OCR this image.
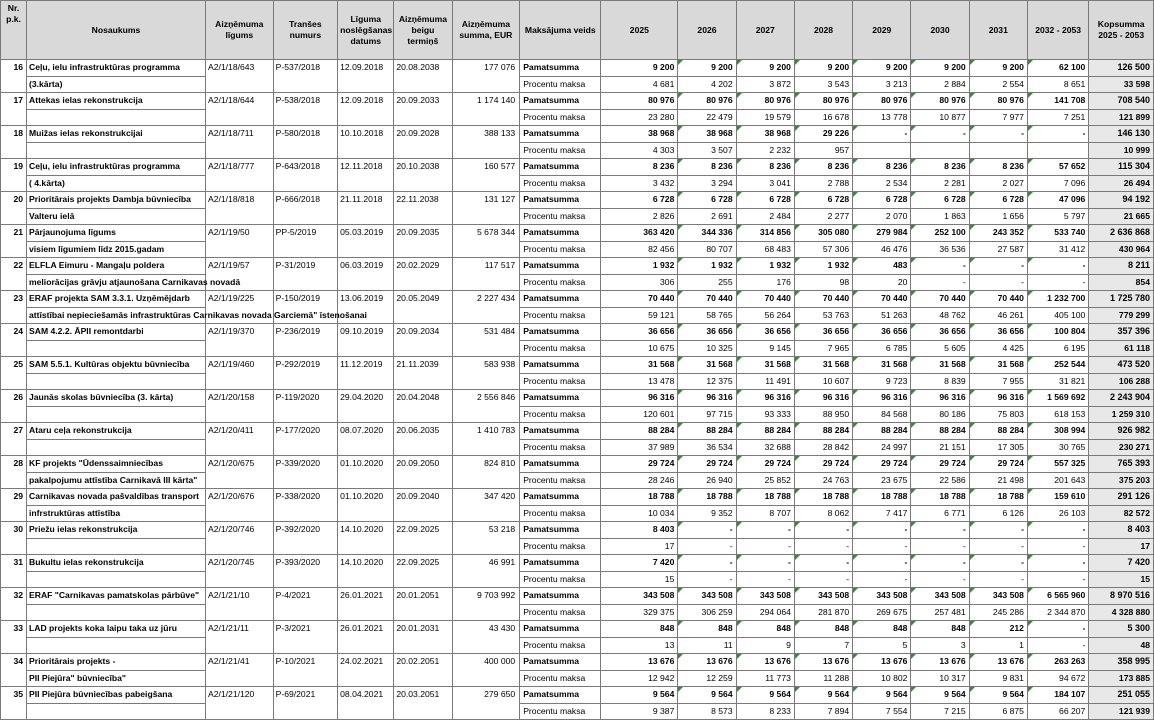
Nr. p.k.	Nosaukums	Aizņēmuma līgums	Tranšes numurs	Līguma noslēgšanas datums	Aizņēmuma beigu termiņš	Aizņēmuma summa, EUR	Maksājuma veids	2025	2026	2027	2028	2029	2030	2031	2032 - 2053	Kopsumma 2025 - 2053
16	Ceļu, ielu infrastruktūras programma	A2/1/18/643	P-537/2018	12.09.2018	20.08.2038	177 076	Pamatsumma	9 200	9 200	9 200	9 200	9 200	9 200	9 200	62 100	126 500
	(3.kārta)						Procentu maksa	4 681	4 202	3 872	3 543	3 213	2 884	2 554	8 651	33 598
17	Attekas ielas rekonstrukcija	A2/1/18/644	P-538/2018	12.09.2018	20.09.2033	1 174 140	Pamatsumma	80 976	80 976	80 976	80 976	80 976	80 976	80 976	141 708	708 540
							Procentu maksa	23 280	22 479	19 579	16 678	13 778	10 877	7 977	7 251	121 899
18	Muižas ielas rekonstrukcijai	A2/1/18/711	P-580/2018	10.10.2018	20.09.2028	388 133	Pamatsumma	38 968	38 968	38 968	29 226	-	-	-	-	146 130
							Procentu maksa	4 303	3 507	2 232	957					10 999
19	Ceļu, ielu infrastruktūras programma	A2/1/18/777	P-643/2018	12.11.2018	20.10.2038	160 577	Pamatsumma	8 236	8 236	8 236	8 236	8 236	8 236	8 236	57 652	115 304
	( 4.kārta)						Procentu maksa	3 432	3 294	3 041	2 788	2 534	2 281	2 027	7 096	26 494
20	Prioritārais projekts Dambja būvniecība	A2/1/18/818	P-666/2018	21.11.2018	22.11.2038	131 127	Pamatsumma	6 728	6 728	6 728	6 728	6 728	6 728	6 728	47 096	94 192
	Valteru ielā						Procentu maksa	2 826	2 691	2 484	2 277	2 070	1 863	1 656	5 797	21 665
21	Pārjaunojuma līgums	A2/1/19/50	PP-5/2019	05.03.2019	20.09.2035	5 678 344	Pamatsumma	363 420	344 336	314 856	305 080	279 984	252 100	243 352	533 740	2 636 868
	visiem līgumiem līdz 2015.gadam						Procentu maksa	82 456	80 707	68 483	57 306	46 476	36 536	27 587	31 412	430 964
22	ELFLA Eimuru - Mangaļu poldera	A2/1/19/57	P-31/2019	06.03.2019	20.02.2029	117 517	Pamatsumma	1 932	1 932	1 932	1 932	483	-	-	-	8 211
	meliorācijas grāvju atjaunošana Carnikavas novadā						Procentu maksa	306	255	176	98	20	-	-	-	854
23	ERAF projekta SAM 3.3.1. Uzņēmējdarb	A2/1/19/225	P-150/2019	13.06.2019	20.05.2049	2 227 434	Pamatsumma	70 440	70 440	70 440	70 440	70 440	70 440	70 440	1 232 700	1 725 780
	attīstībai nepieciešamās infrastruktūras Carnikavas novada Garciemā" īstenošanai						Procentu maksa	59 121	58 765	56 264	53 763	51 263	48 762	46 261	405 100	779 299
24	SAM 4.2.2. ĀPII remontdarbi	A2/1/19/370	P-236/2019	09.10.2019	20.09.2034	531 484	Pamatsumma	36 656	36 656	36 656	36 656	36 656	36 656	36 656	100 804	357 396
							Procentu maksa	10 675	10 325	9 145	7 965	6 785	5 605	4 425	6 195	61 118
25	SAM 5.5.1. Kultūras objektu būvniecība	A2/1/19/460	P-292/2019	11.12.2019	21.11.2039	583 938	Pamatsumma	31 568	31 568	31 568	31 568	31 568	31 568	31 568	252 544	473 520
							Procentu maksa	13 478	12 375	11 491	10 607	9 723	8 839	7 955	31 821	106 288
26	Jaunās skolas būvniecība (3. kārta)	A2/1/20/158	P-119/2020	29.04.2020	20.04.2048	2 556 846	Pamatsumma	96 316	96 316	96 316	96 316	96 316	96 316	96 316	1 569 692	2 243 904
							Procentu maksa	120 601	97 715	93 333	88 950	84 568	80 186	75 803	618 153	1 259 310
27	Ataru ceļa rekonstrukcija	A2/1/20/411	P-177/2020	08.07.2020	20.06.2035	1 410 783	Pamatsumma	88 284	88 284	88 284	88 284	88 284	88 284	88 284	308 994	926 982
							Procentu maksa	37 989	36 534	32 688	28 842	24 997	21 151	17 305	30 765	230 271
28	KF projekts "Ūdenssaimniecības	A2/1/20/675	P-339/2020	01.10.2020	20.09.2050	824 810	Pamatsumma	29 724	29 724	29 724	29 724	29 724	29 724	29 724	557 325	765 393
	pakalpojumu attīstība Carnikavā III kārta"						Procentu maksa	28 246	26 940	25 852	24 763	23 675	22 586	21 498	201 643	375 203
29	Carnikavas novada pašvaldības transport	A2/1/20/676	P-338/2020	01.10.2020	20.09.2040	347 420	Pamatsumma	18 788	18 788	18 788	18 788	18 788	18 788	18 788	159 610	291 126
	infrstruktūras attīstība						Procentu maksa	10 034	9 352	8 707	8 062	7 417	6 771	6 126	26 103	82 572
30	Priežu ielas rekonstrukcija	A2/1/20/746	P-392/2020	14.10.2020	22.09.2025	53 218	Pamatsumma	8 403	-	-	-	-	-	-	-	8 403
							Procentu maksa	17	-	-	-	-	-	-	-	17
31	Bukultu ielas rekonstrukcija	A2/1/20/745	P-393/2020	14.10.2020	22.09.2025	46 991	Pamatsumma	7 420	-	-	-	-	-	-	-	7 420
							Procentu maksa	15	-	-	-	-	-	-	-	15
32	ERAF "Carnikavas pamatskolas pārbūve"	A2/1/21/10	P-4/2021	26.01.2021	20.01.2051	9 703 992	Pamatsumma	343 508	343 508	343 508	343 508	343 508	343 508	343 508	6 565 960	8 970 516
							Procentu maksa	329 375	306 259	294 064	281 870	269 675	257 481	245 286	2 344 870	4 328 880
33	LAD projekts koka laipu taka uz jūru	A2/1/21/11	P-3/2021	26.01.2021	20.01.2031	43 430	Pamatsumma	848	848	848	848	848	848	212	-	5 300
							Procentu maksa	13	11	9	7	5	3	1	-	48
34	Prioritārais projekts -	A2/1/21/41	P-10/2021	24.02.2021	20.02.2051	400 000	Pamatsumma	13 676	13 676	13 676	13 676	13 676	13 676	13 676	263 263	358 995
	PII Piejūra" būvniecība"						Procentu maksa	12 942	12 259	11 773	11 288	10 802	10 317	9 831	94 672	173 885
35	PII Piejūra būvniecības pabeigšana	A2/1/21/120	P-69/2021	08.04.2021	20.03.2051	279 650	Pamatsumma	9 564	9 564	9 564	9 564	9 564	9 564	9 564	184 107	251 055
							Procentu maksa	9 387	8 573	8 233	7 894	7 554	7 215	6 875	66 207	121 939
